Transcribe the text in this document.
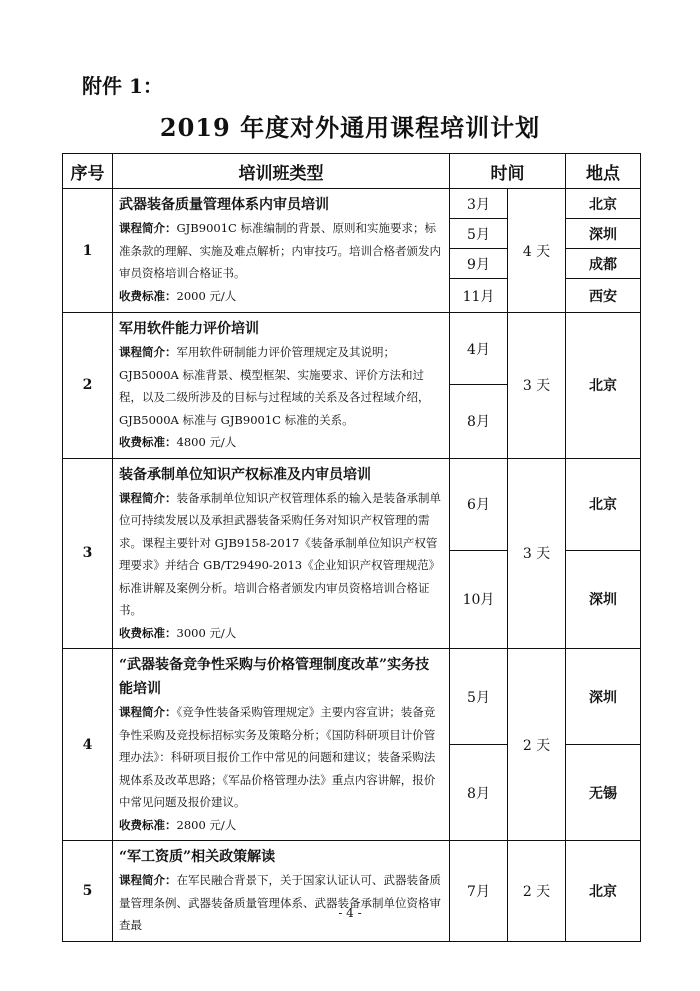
附件 1：
2019 年度对外通用课程培训计划
序号	培训班类型	时间		地点
1	武器装备质量管理体系内审员培训
课程简介：GJB9001C 标准编制的背景、原则和实施要求；标准条款的理解、实施及难点解析；内审技巧。培训合格者颁发内审员资格培训合格证书。
收费标准：2000 元/人	3月	4 天	北京
		5月		深圳
		9月		成都
		11月		西安
2	军用软件能力评价培训
课程简介：军用软件研制能力评价管理规定及其说明；GJB5000A 标准背景、模型框架、实施要求、评价方法和过程，以及二级所涉及的目标与过程域的关系及各过程域介绍，GJB5000A 标准与 GJB9001C 标准的关系。
收费标准：4800 元/人	4月	3 天	北京
		8月		
3	装备承制单位知识产权标准及内审员培训
课程简介：装备承制单位知识产权管理体系的输入是装备承制单位可持续发展以及承担武器装备采购任务对知识产权管理的需求。课程主要针对 GJB9158-2017《装备承制单位知识产权管理要求》并结合 GB/T29490-2013《企业知识产权管理规范》标准讲解及案例分析。培训合格者颁发内审员资格培训合格证书。
收费标准：3000 元/人	6月	3 天	北京
		10月		深圳
4	“武器装备竞争性采购与价格管理制度改革”实务技能培训
课程简介：《竞争性装备采购管理规定》主要内容宣讲；装备竞争性采购及竞投标招标实务及策略分析；《国防科研项目计价管理办法》：科研项目报价工作中常见的问题和建议；装备采购法规体系及改革思路；《军品价格管理办法》重点内容讲解，报价中常见问题及报价建议。
收费标准：2800 元/人	5月	2 天	深圳
		8月		无锡
5	“军工资质”相关政策解读
课程简介：在军民融合背景下，关于国家认证认可、武器装备质量管理条例、武器装备质量管理体系、武器装备承制单位资格审查最	7月	2 天	北京
- 4 -
